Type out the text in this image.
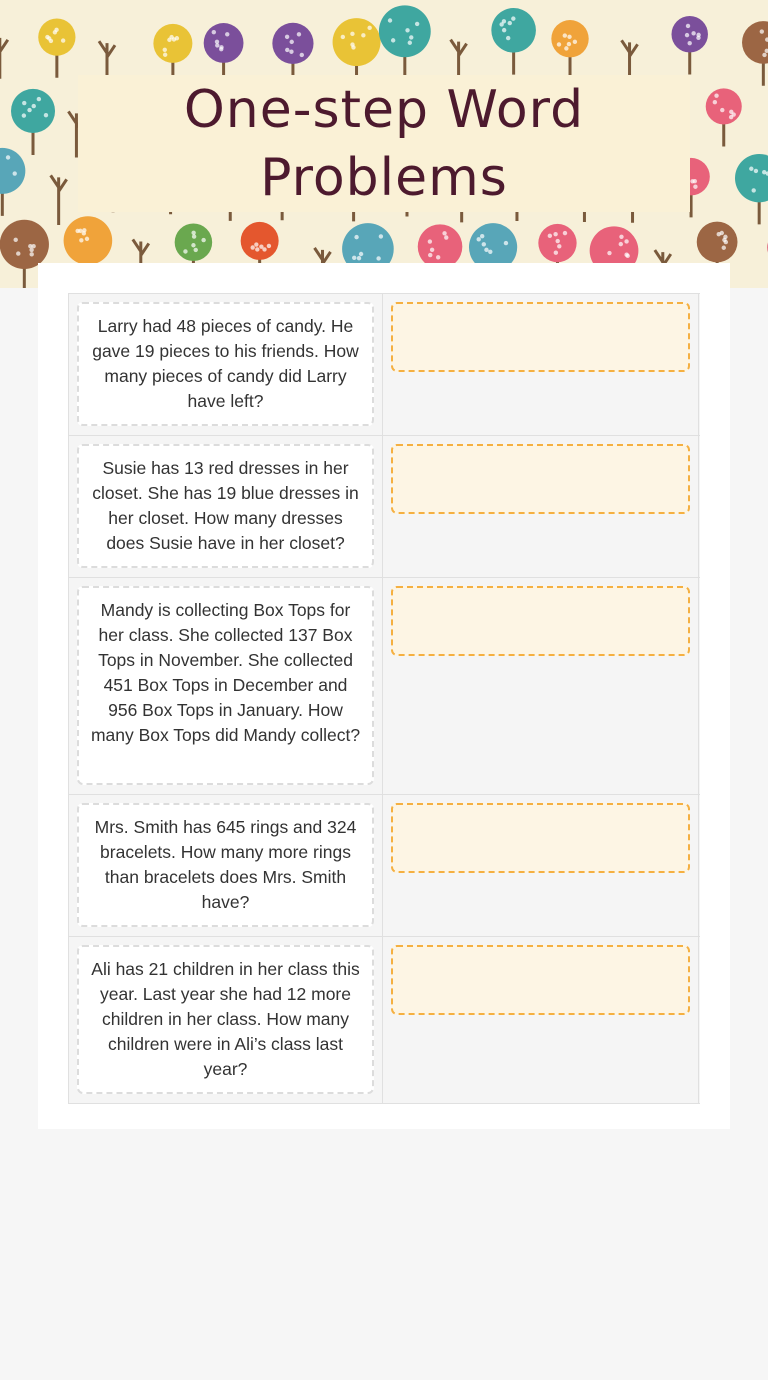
One-step Word Problems
Larry had 48 pieces of candy. He gave 19 pieces to his friends. How many pieces of candy did Larry have left?
Susie has 13 red dresses in her closet. She has 19 blue dresses in her closet. How many dresses does Susie have in her closet?
Mandy is collecting Box Tops for her class. She collected 137 Box Tops in November. She collected 451 Box Tops in December and 956 Box Tops in January. How many Box Tops did Mandy collect?
Mrs. Smith has 645 rings and 324 bracelets. How many more rings than bracelets does Mrs. Smith have?
Ali has 21 children in her class this year. Last year she had 12 more children in her class. How many children were in Ali’s class last year?
